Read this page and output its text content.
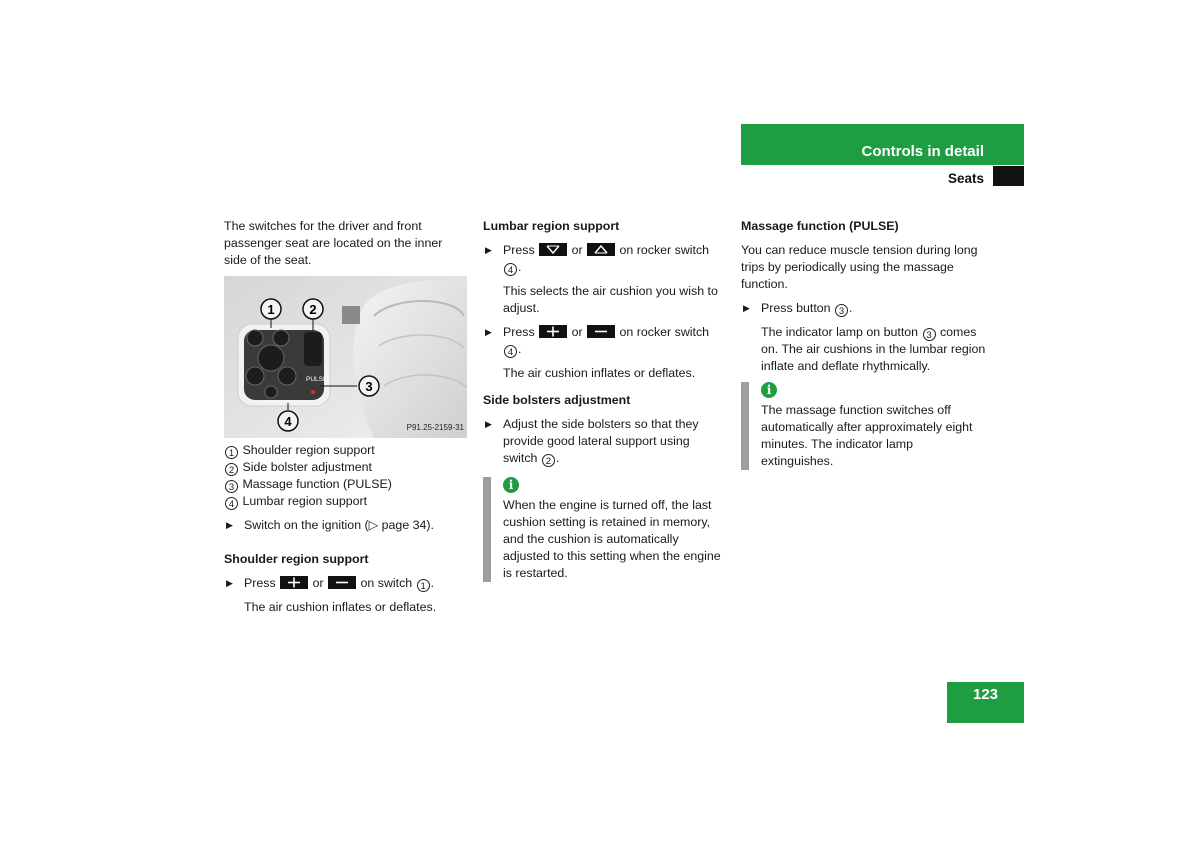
Controls in detail
Seats

The switches for the driver and front passenger seat are located on the inner side of the seat.

PULSE
1	2
3
4	P91.25-2159-31
1 Shoulder region support
2 Side bolster adjustment
3 Massage function (PULSE)
4 Lumbar region support
▶ Switch on the ignition (▷ page 34).

Shoulder region support

▶ Press	or	on switch 1 .

The air cushion inflates or deflates.

Lumbar region support

▶ Press	or	on rocker switch 4 .

This selects the air cushion you wish to adjust.

▶ Press	or	on rocker switch 4 .

The air cushion inflates or deflates.

Side bolsters adjustment

▶ Adjust the side bolsters so that they provide good lateral support using switch 2 .
i

When the engine is turned off, the last cushion setting is retained in memory, and the cushion is automatically adjusted to this setting when the engine is restarted.

Massage function (PULSE)

You can reduce muscle tension during long trips by periodically using the massage function.

▶ Press button 3 .

The indicator lamp on button 3 comes on. The air cushions in the lumbar region inflate and deflate rhythmically.

i

The massage function switches off automatically after approximately eight minutes. The indicator lamp extinguishes.

123
